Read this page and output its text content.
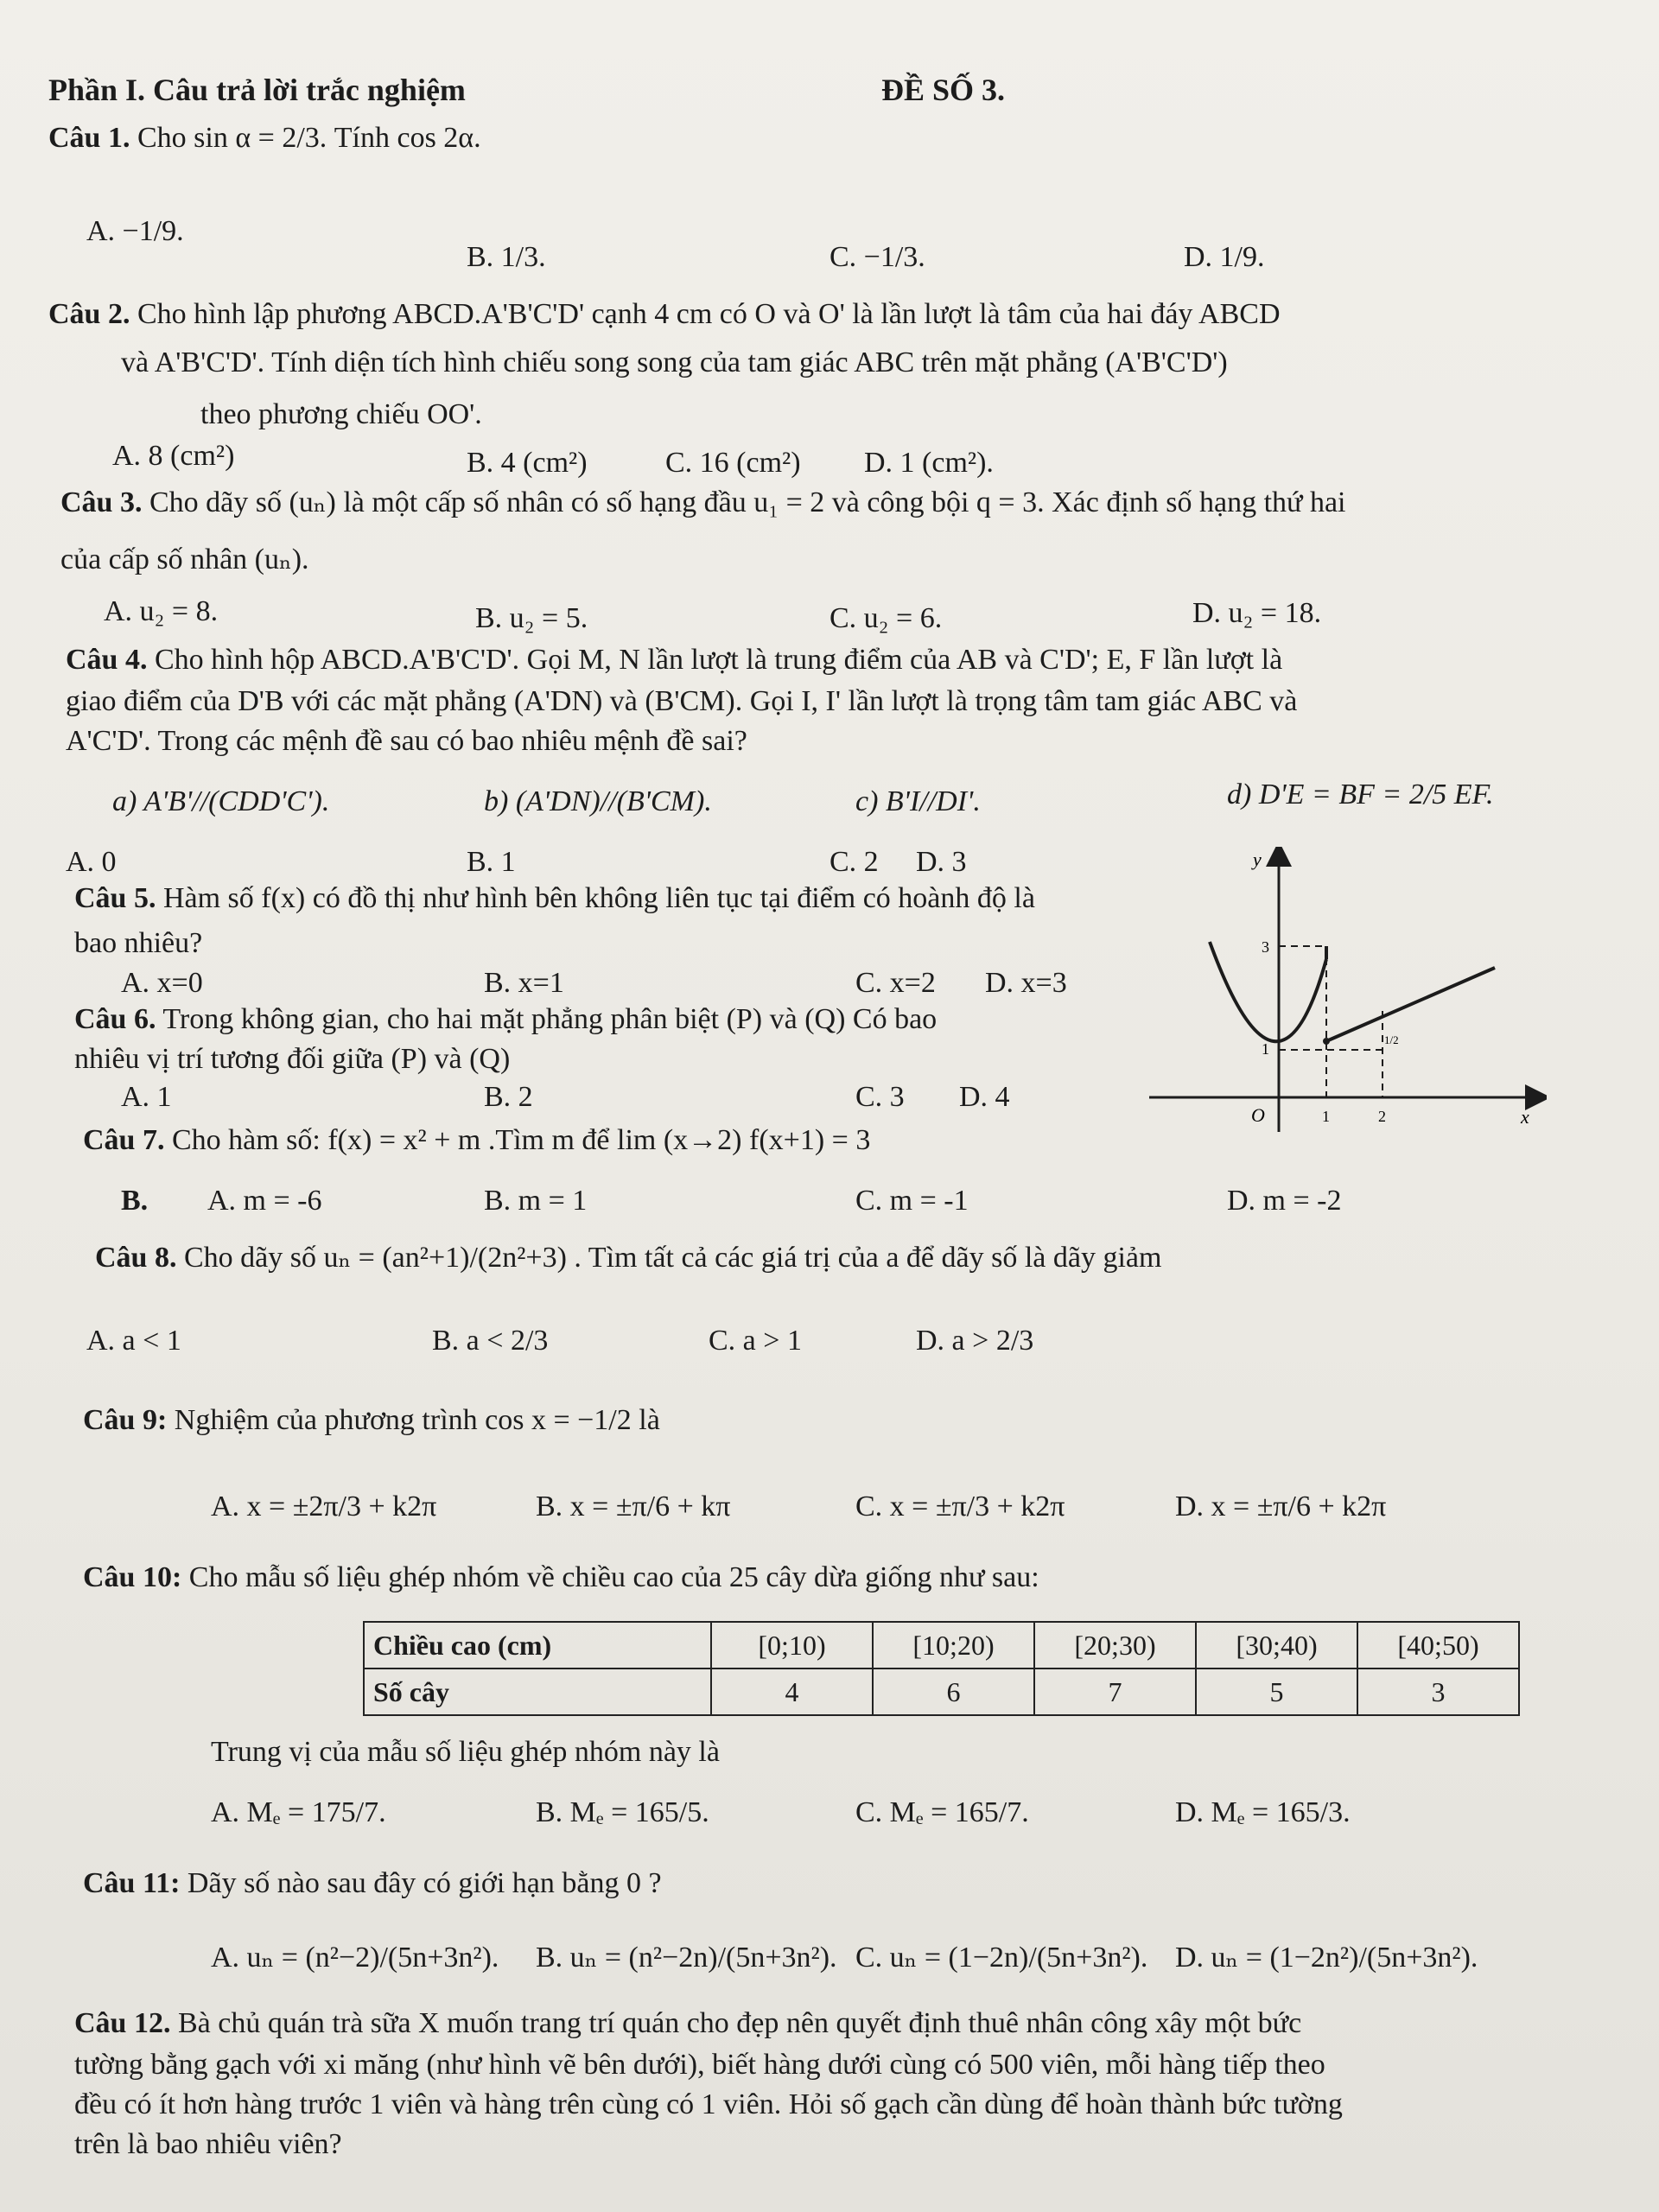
Phần I. Câu trả lời trắc nghiệm	ĐỀ SỐ 3.
Câu 1. Cho sin α = 2/3. Tính cos 2α.
A. −1/9.
B. 1/3.	C. −1/3.	D. 1/9.
Câu 2. Cho hình lập phương ABCD.A'B'C'D' cạnh 4 cm có O và O' là lần lượt là tâm của hai đáy ABCD
và A'B'C'D'. Tính diện tích hình chiếu song song của tam giác ABC trên mặt phẳng (A'B'C'D')
theo phương chiếu OO'.
A. 8 (cm²)	B. 4 (cm²)	C. 16 (cm²) D. 1 (cm²).
Câu 3. Cho dãy số (uₙ) là một cấp số nhân có số hạng đầu u₁ = 2 và công bội q = 3. Xác định số hạng thứ hai
của cấp số nhân (uₙ).
A. u₂ = 8.	B. u₂ = 5.	C. u₂ = 6.	D. u₂ = 18.
Câu 4. Cho hình hộp ABCD.A'B'C'D'. Gọi M, N lần lượt là trung điểm của AB và C'D'; E, F lần lượt là
giao điểm của D'B với các mặt phẳng (A'DN) và (B'CM). Gọi I, I' lần lượt là trọng tâm tam giác ABC và
A'C'D'. Trong các mệnh đề sau có bao nhiêu mệnh đề sai?
a) A'B'//(CDD'C').	b) (A'DN)//(B'CM).	c) B'I//DI'.	d) D'E = BF = 2/5 EF.
A. 0	B. 1	C. 2 D. 3
Câu 5. Hàm số f(x) có đồ thị như hình bên không liên tục tại điểm có hoành độ là
bao nhiêu?
A. x=0	B. x=1	C. x=2 D. x=3
y
x
O
3
1
1	2
1/2
Câu 6. Trong không gian, cho hai mặt phẳng phân biệt (P) và (Q) Có bao
nhiêu vị trí tương đối giữa (P) và (Q)
A. 1	B. 2	C. 3 D. 4
Câu 7. Cho hàm số: f(x) = x² + m .Tìm m để lim (x→2) f(x+1) = 3
B. A. m = -6	B. m = 1	C. m = -1	D. m = -2
Câu 8. Cho dãy số uₙ = (an²+1)/(2n²+3) . Tìm tất cả các giá trị của a để dãy số là dãy giảm
A. a < 1	B. a < 2/3	C. a > 1	D. a > 2/3
Câu 9: Nghiệm của phương trình cos x = −1/2 là
A. x = ±2π/3 + k2π	B. x = ±π/6 + kπ	C. x = ±π/3 + k2π	D. x = ±π/6 + k2π
Câu 10: Cho mẫu số liệu ghép nhóm về chiều cao của 25 cây dừa giống như sau:
Chiều cao (cm)	[0;10)	[10;20)	[20;30)	[30;40)	[40;50)
Số cây	4	6	7	5	3
Trung vị của mẫu số liệu ghép nhóm này là
A. Mₑ = 175/7.	B. Mₑ = 165/5.	C. Mₑ = 165/7.	D. Mₑ = 165/3.
Câu 11: Dãy số nào sau đây có giới hạn bằng 0 ?
A. uₙ = (n²−2)/(5n+3n²). B. uₙ = (n²−2n)/(5n+3n²). C. uₙ = (1−2n)/(5n+3n²). D. uₙ = (1−2n²)/(5n+3n²).
Câu 12. Bà chủ quán trà sữa X muốn trang trí quán cho đẹp nên quyết định thuê nhân công xây một bức
tường bằng gạch với xi măng (như hình vẽ bên dưới), biết hàng dưới cùng có 500 viên, mỗi hàng tiếp theo
đều có ít hơn hàng trước 1 viên và hàng trên cùng có 1 viên. Hỏi số gạch cần dùng để hoàn thành bức tường
trên là bao nhiêu viên?
